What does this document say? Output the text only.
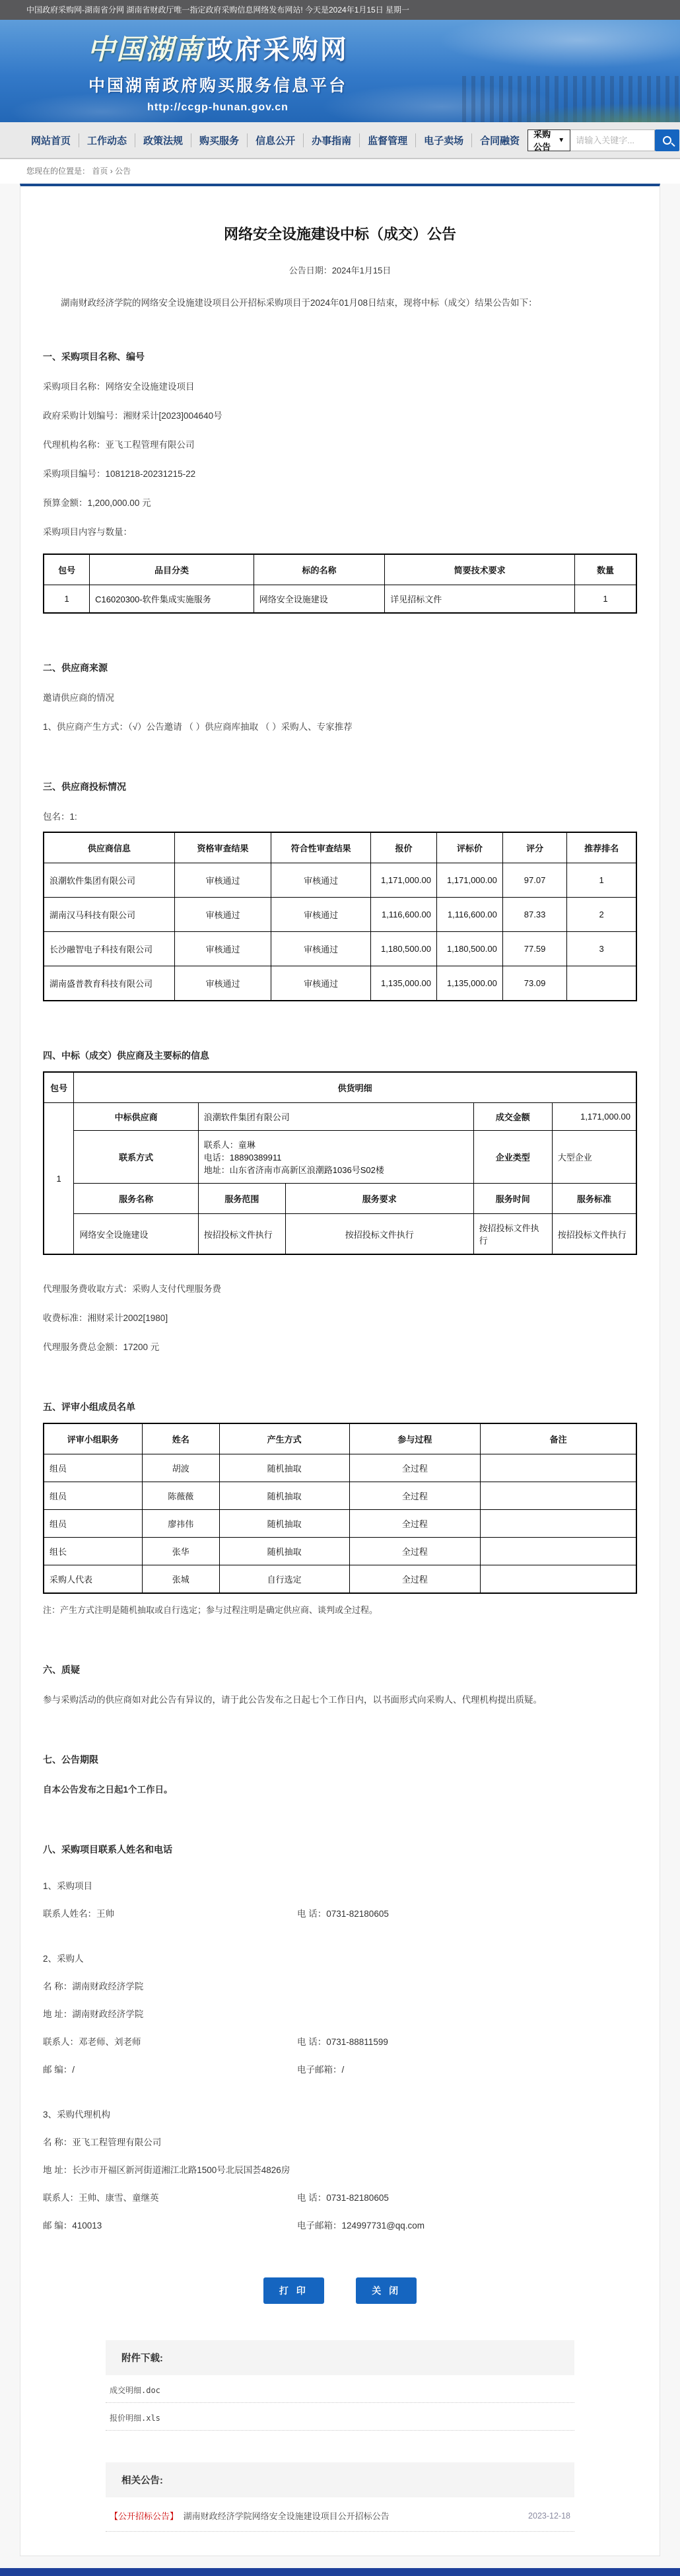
中国政府采购网-湖南省分网 湖南省财政厅唯一指定政府采购信息网络发布网站! 今天是2024年1月15日 星期一
中国湖南 政府采购网
中国湖南政府购买服务信息平台
http://ccgp-hunan.gov.cn
网站首页	工作动态	政策法规	购买服务	信息公开	办事指南	监督管理	电子卖场	合同融资
采购公告
▼
请输入关键字...
您现在的位置是： 首页 › 公告
网络安全设施建设中标（成交）公告
公告日期：2024年1月15日

湖南财政经济学院的网络安全设施建设项目公开招标采购项目于2024年01月08日结束，现将中标（成交）结果公告如下：

一、采购项目名称、编号
采购项目名称：网络安全设施建设项目
政府采购计划编号：湘财采计[2023]004640号
代理机构名称：亚飞工程管理有限公司
采购项目编号：1081218-20231215-22
预算金额：1,200,000.00 元
采购项目内容与数量：
包号	品目分类	标的名称	简要技术要求	数量
1	C16020300-软件集成实施服务	网络安全设施建设	详见招标文件	1
二、供应商来源
邀请供应商的情况
1、供应商产生方式：（√）公告邀请 （ ）供应商库抽取 （ ）采购人、专家推荐
三、供应商投标情况
包名：1:
供应商信息	资格审查结果	符合性审查结果	报价	评标价	评分	推荐排名
浪潮软件集团有限公司	审核通过	审核通过	1,171,000.00	1,171,000.00	97.07	1
湖南汉马科技有限公司	审核通过	审核通过	1,116,600.00	1,116,600.00	87.33	2
长沙融智电子科技有限公司	审核通过	审核通过	1,180,500.00	1,180,500.00	77.59	3
湖南盛普教育科技有限公司	审核通过	审核通过	1,135,000.00	1,135,000.00	73.09	
四、中标（成交）供应商及主要标的信息
包号	供货明细				
1	中标供应商	浪潮软件集团有限公司		成交金额	1,171,000.00
	联系方式	联系人：童琳
电话：18890389911
地址：山东省济南市高新区浪潮路1036号S02楼		企业类型	大型企业
	服务名称	服务范围	服务要求	服务时间	服务标准
	网络安全设施建设	按招投标文件执行	按招投标文件执行	按招投标文件执行	按招投标文件执行
代理服务费收取方式：采购人支付代理服务费
收费标准：湘财采计2002[1980]
代理服务费总金额：17200 元
五、评审小组成员名单
评审小组职务	姓名	产生方式	参与过程	备注
组员	胡波	随机抽取	全过程	
组员	陈薇薇	随机抽取	全过程	
组员	廖祎伟	随机抽取	全过程	
组长	张华	随机抽取	全过程	
采购人代表	张城	自行选定	全过程	
注：产生方式注明是随机抽取或自行选定；参与过程注明是确定供应商、谈判或全过程。
六、质疑
参与采购活动的供应商如对此公告有异议的，请于此公告发布之日起七个工作日内，以书面形式向采购人、代理机构提出质疑。
七、公告期限
自本公告发布之日起1个工作日。
八、采购项目联系人姓名和电话
1、采购项目
联系人姓名：王帅	电 话：0731-82180605
2、采购人
名 称：湖南财政经济学院
地 址：湖南财政经济学院
联系人：邓老师、刘老师	电 话：0731-88811599
邮 编：/	电子邮箱：/
3、采购代理机构
名 称：亚飞工程管理有限公司
地 址：长沙市开福区新河街道湘江北路1500号北辰国荟4826房
联系人：王帅、康雪、童继英	电 话：0731-82180605
邮 编：410013	电子邮箱：124997731@qq.com
打 印	关 闭
附件下载:
成交明细.doc
报价明细.xls
相关公告:
【公开招标公告】 湖南财政经济学院网络安全设施建设项目公开招标公告	2023-12-18
